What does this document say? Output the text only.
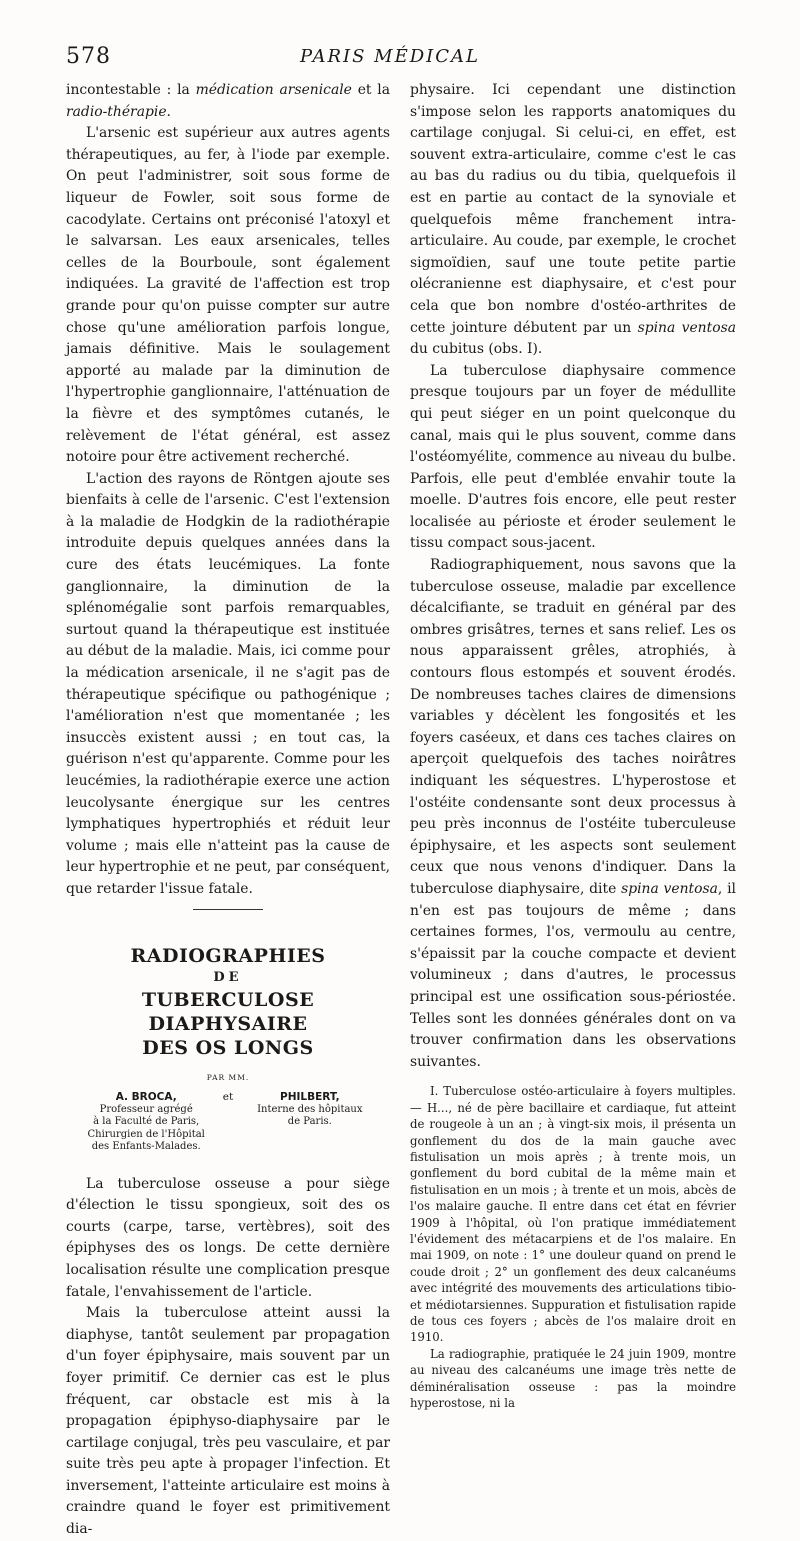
578	PARIS MÉDICAL

incontestable : la médication arsenicale et la radio-thérapie.

L'arsenic est supérieur aux autres agents thérapeutiques, au fer, à l'iode par exemple. On peut l'administrer, soit sous forme de liqueur de Fowler, soit sous forme de cacodylate. Certains ont préconisé l'atoxyl et le salvarsan. Les eaux arsenicales, telles celles de la Bourboule, sont également indiquées. La gravité de l'affection est trop grande pour qu'on puisse compter sur autre chose qu'une amélioration parfois longue, jamais définitive. Mais le soulagement apporté au malade par la diminution de l'hypertrophie ganglionnaire, l'atténuation de la fièvre et des symptômes cutanés, le relèvement de l'état général, est assez notoire pour être activement recherché.

L'action des rayons de Röntgen ajoute ses bienfaits à celle de l'arsenic. C'est l'extension à la maladie de Hodgkin de la radiothérapie introduite depuis quelques années dans la cure des états leucémiques. La fonte ganglionnaire, la diminution de la splénomégalie sont parfois remarquables, surtout quand la thérapeutique est instituée au début de la maladie. Mais, ici comme pour la médication arsenicale, il ne s'agit pas de thérapeutique spécifique ou pathogénique ; l'amélioration n'est que momentanée ; les insuccès existent aussi ; en tout cas, la guérison n'est qu'apparente. Comme pour les leucémies, la radiothérapie exerce une action leucolysante énergique sur les centres lymphatiques hypertrophiés et réduit leur volume ; mais elle n'atteint pas la cause de leur hypertrophie et ne peut, par conséquent, que retarder l'issue fatale.

RADIOGRAPHIES
DE
TUBERCULOSE DIAPHYSAIRE
DES OS LONGS
PAR MM.
A. BROCA,
Professeur agrégé
à la Faculté de Paris,
Chirurgien de l'Hôpital
des Enfants-Malades.
et	PHILBERT,
Interne des hôpitaux
de Paris.

La tuberculose osseuse a pour siège d'élection le tissu spongieux, soit des os courts (carpe, tarse, vertèbres), soit des épiphyses des os longs. De cette dernière localisation résulte une complication presque fatale, l'envahissement de l'article.

Mais la tuberculose atteint aussi la diaphyse, tantôt seulement par propagation d'un foyer épiphysaire, mais souvent par un foyer primitif. Ce dernier cas est le plus fréquent, car obstacle est mis à la propagation épiphyso-diaphysaire par le cartilage conjugal, très peu vasculaire, et par suite très peu apte à propager l'infection. Et inversement, l'atteinte articulaire est moins à craindre quand le foyer est primitivement dia-

physaire. Ici cependant une distinction s'impose selon les rapports anatomiques du cartilage conjugal. Si celui-ci, en effet, est souvent extra-articulaire, comme c'est le cas au bas du radius ou du tibia, quelquefois il est en partie au contact de la synoviale et quelquefois même franchement intra-articulaire. Au coude, par exemple, le crochet sigmoïdien, sauf une toute petite partie olécranienne est diaphysaire, et c'est pour cela que bon nombre d'ostéo-arthrites de cette jointure débutent par un spina ventosa du cubitus (obs. I).

La tuberculose diaphysaire commence presque toujours par un foyer de médullite qui peut siéger en un point quelconque du canal, mais qui le plus souvent, comme dans l'ostéomyélite, commence au niveau du bulbe. Parfois, elle peut d'emblée envahir toute la moelle. D'autres fois encore, elle peut rester localisée au périoste et éroder seulement le tissu compact sous-jacent.

Radiographiquement, nous savons que la tuberculose osseuse, maladie par excellence décalcifiante, se traduit en général par des ombres grisâtres, ternes et sans relief. Les os nous apparaissent grêles, atrophiés, à contours flous estompés et souvent érodés. De nombreuses taches claires de dimensions variables y décèlent les fongosités et les foyers caséeux, et dans ces taches claires on aperçoit quelquefois des taches noirâtres indiquant les séquestres. L'hyperostose et l'ostéite condensante sont deux processus à peu près inconnus de l'ostéite tuberculeuse épiphysaire, et les aspects sont seulement ceux que nous venons d'indiquer. Dans la tuberculose diaphysaire, dite spina ventosa, il n'en est pas toujours de même ; dans certaines formes, l'os, vermoulu au centre, s'épaissit par la couche compacte et devient volumineux ; dans d'autres, le processus principal est une ossification sous-périostée. Telles sont les données générales dont on va trouver confirmation dans les observations suivantes.

I. Tuberculose ostéo-articulaire à foyers multiples. — H..., né de père bacillaire et cardiaque, fut atteint de rougeole à un an ; à vingt-six mois, il présenta un gonflement du dos de la main gauche avec fistulisation un mois après ; à trente mois, un gonflement du bord cubital de la même main et fistulisation en un mois ; à trente et un mois, abcès de l'os malaire gauche. Il entre dans cet état en février 1909 à l'hôpital, où l'on pratique immédiatement l'évidement des métacarpiens et de l'os malaire. En mai 1909, on note : 1° une douleur quand on prend le coude droit ; 2° un gonflement des deux calcanéums avec intégrité des mouvements des articulations tibio- et médiotarsiennes. Suppuration et fistulisation rapide de tous ces foyers ; abcès de l'os malaire droit en 1910.

La radiographie, pratiquée le 24 juin 1909, montre au niveau des calcanéums une image très nette de déminéralisation osseuse : pas la moindre hyperostose, ni la
